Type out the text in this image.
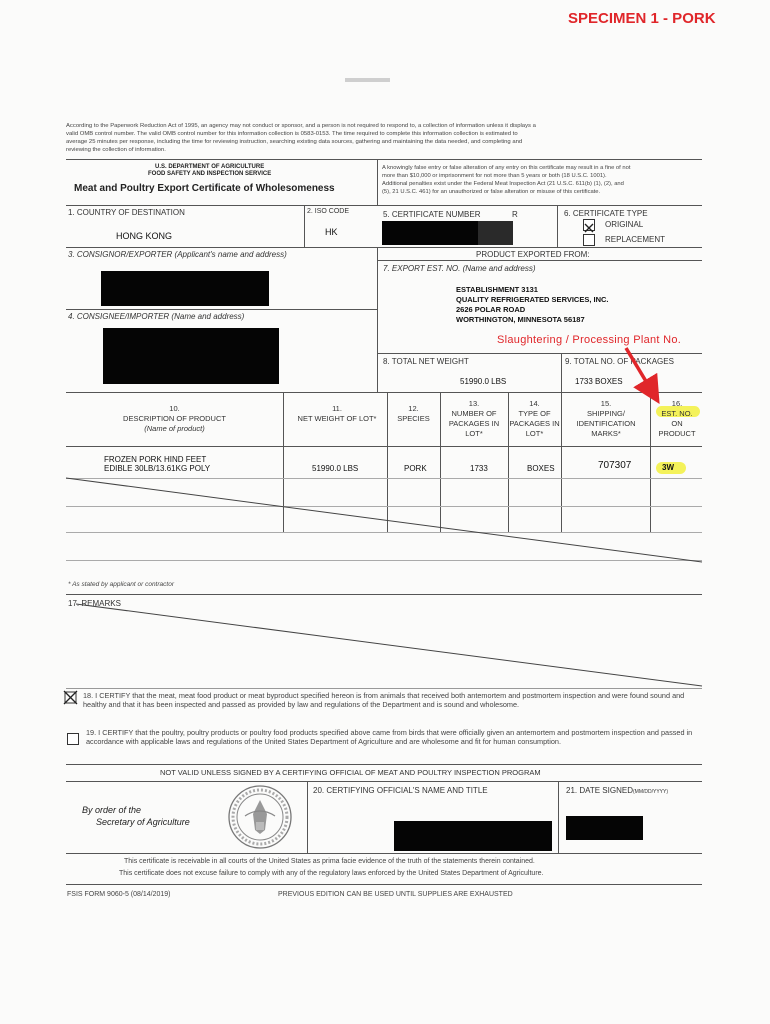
SPECIMEN 1 - PORK
According to the Paperwork Reduction Act of 1995, an agency may not conduct or sponsor, and a person is not required to respond to, a collection of information unless it displays a
valid OMB control number. The valid OMB control number for this information collection is 0583-0153. The time required to complete this information collection is estimated to
average 25 minutes per response, including the time for reviewing instruction, searching existing data sources, gathering and maintaining the data needed, and completing and
reviewing the collection of information.
U.S. DEPARTMENT OF AGRICULTURE
FOOD SAFETY AND INSPECTION SERVICE
Meat and Poultry Export Certificate of Wholesomeness
A knowingly false entry or false alteration of any entry on this certificate may result in a fine of not
more than $10,000 or imprisonment for not more than 5 years or both (18 U.S.C. 1001).
Additional penalties exist under the Federal Meat Inspection Act (21 U.S.C. 611(b) (1), (2), and
(5), 21 U.S.C. 461) for an unauthorized or false alteration or misuse of this certificate.
1. COUNTRY OF DESTINATION
HONG KONG
2. ISO CODE
HK
5. CERTIFICATE NUMBER	R	6. CERTIFICATE TYPE
ORIGINAL
REPLACEMENT
3. CONSIGNOR/EXPORTER (Applicant's name and address)	PRODUCT EXPORTED FROM:
7. EXPORT EST. NO. (Name and address)
ESTABLISHMENT 3131
QUALITY REFRIGERATED SERVICES, INC.
2626 POLAR ROAD
WORTHINGTON, MINNESOTA 56187
4. CONSIGNEE/IMPORTER (Name and address)
Slaughtering / Processing Plant No.
8. TOTAL NET WEIGHT
51990.0 LBS
9. TOTAL NO. OF PACKAGES
1733 BOXES
10.
DESCRIPTION OF PRODUCT
(Name of product)
11.
NET WEIGHT OF LOT*
12.
SPECIES
13.
NUMBER OF PACKAGES IN LOT*
14.
TYPE OF PACKAGES IN LOT*
15.
SHIPPING/ IDENTIFICATION MARKS*
16.
EST. NO. ON PRODUCT
FROZEN PORK HIND FEET
EDIBLE 30LB/13.61KG POLY	51990.0 LBS	PORK	1733	BOXES	707307	3W
* As stated by applicant or contractor
17. REMARKS
18. I CERTIFY that the meat, meat food product or meat byproduct specified hereon is from animals that received both antemortem and postmortem inspection and were found sound and healthy and that it has been inspected and passed as provided by law and regulations of the Department and is sound and wholesome.
19. I CERTIFY that the poultry, poultry products or poultry food products specified above came from birds that were officially given an antemortem and postmortem inspection and passed in accordance with applicable laws and regulations of the United States Department of Agriculture and are wholesome and fit for human consumption.
NOT VALID UNLESS SIGNED BY A CERTIFYING OFFICIAL OF MEAT AND POULTRY INSPECTION PROGRAM
By order of the
Secretary of Agriculture
20. CERTIFYING OFFICIAL'S NAME AND TITLE	21. DATE SIGNED(MM/DD/YYYY)
This certificate is receivable in all courts of the United States as prima facie evidence of the truth of the statements therein contained.
This certificate does not excuse failure to comply with any of the regulatory laws enforced by the United States Department of Agriculture.
FSIS FORM 9060-5 (08/14/2019)	PREVIOUS EDITION CAN BE USED UNTIL SUPPLIES ARE EXHAUSTED
